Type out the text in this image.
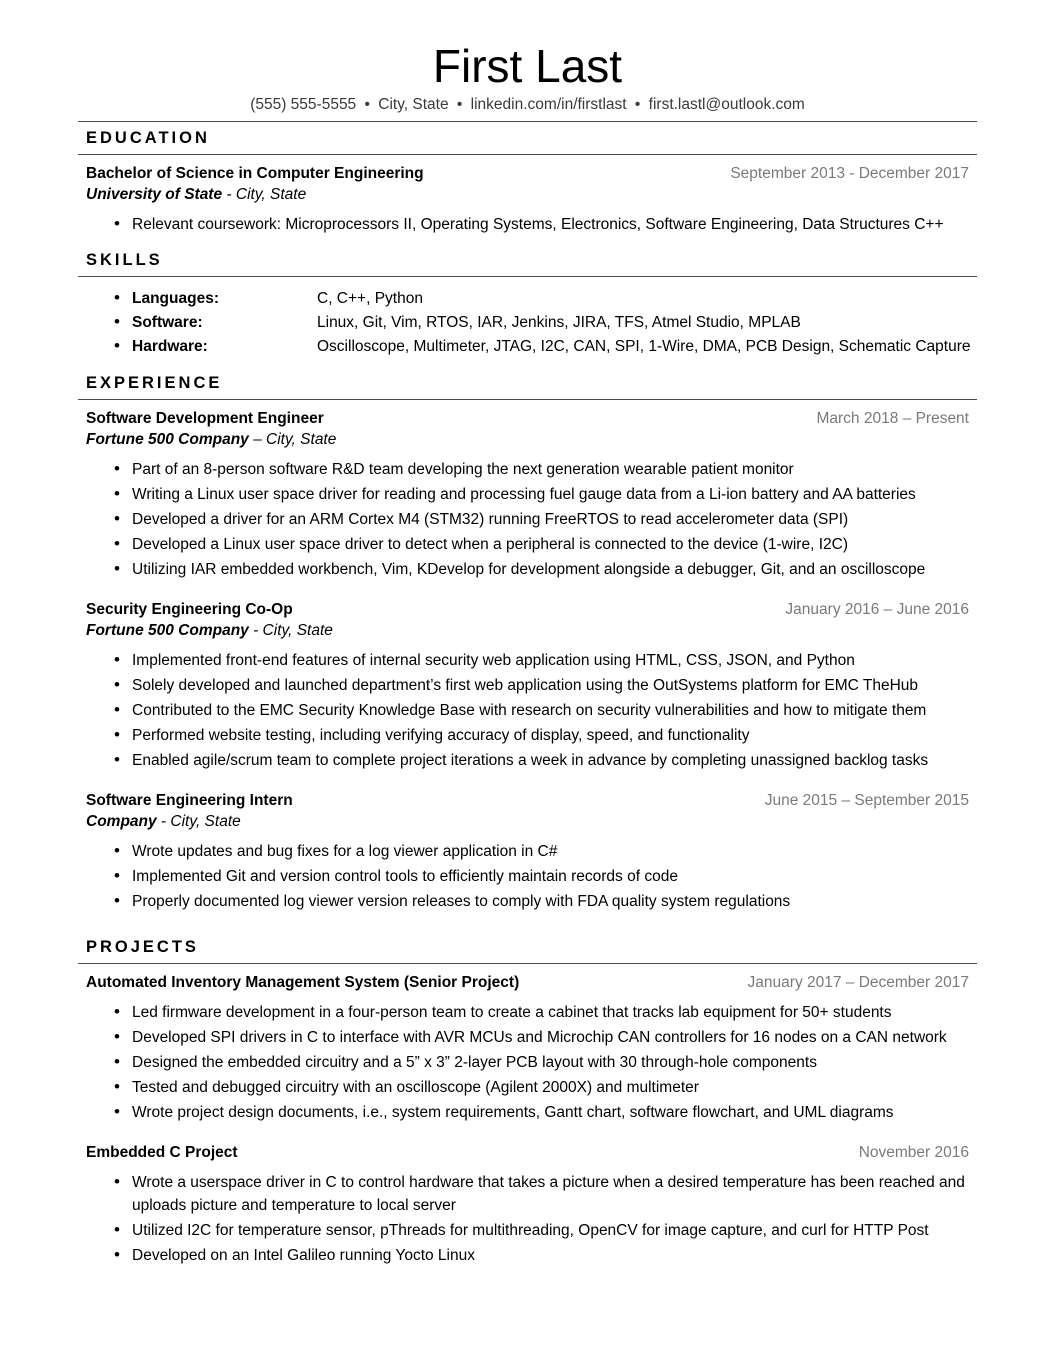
First Last
(555) 555-5555 • City, State • linkedin.com/in/firstlast • first.lastl@outlook.com
EDUCATION
Bachelor of Science in Computer Engineering	September 2013 - December 2017
University of State - City, State
• Relevant coursework: Microprocessors II, Operating Systems, Electronics, Software Engineering, Data Structures C++
SKILLS
• Languages:	C, C++, Python
• Software:	Linux, Git, Vim, RTOS, IAR, Jenkins, JIRA, TFS, Atmel Studio, MPLAB
• Hardware:	Oscilloscope, Multimeter, JTAG, I2C, CAN, SPI, 1-Wire, DMA, PCB Design, Schematic Capture
EXPERIENCE
Software Development Engineer	March 2018 – Present
Fortune 500 Company – City, State
• Part of an 8-person software R&D team developing the next generation wearable patient monitor
• Writing a Linux user space driver for reading and processing fuel gauge data from a Li-ion battery and AA batteries
• Developed a driver for an ARM Cortex M4 (STM32) running FreeRTOS to read accelerometer data (SPI)
• Developed a Linux user space driver to detect when a peripheral is connected to the device (1-wire, I2C)
• Utilizing IAR embedded workbench, Vim, KDevelop for development alongside a debugger, Git, and an oscilloscope
Security Engineering Co-Op	January 2016 – June 2016
Fortune 500 Company - City, State
• Implemented front-end features of internal security web application using HTML, CSS, JSON, and Python
• Solely developed and launched department’s first web application using the OutSystems platform for EMC TheHub
• Contributed to the EMC Security Knowledge Base with research on security vulnerabilities and how to mitigate them
• Performed website testing, including verifying accuracy of display, speed, and functionality
• Enabled agile/scrum team to complete project iterations a week in advance by completing unassigned backlog tasks
Software Engineering Intern	June 2015 – September 2015
Company - City, State
• Wrote updates and bug fixes for a log viewer application in C#
• Implemented Git and version control tools to efficiently maintain records of code
• Properly documented log viewer version releases to comply with FDA quality system regulations
PROJECTS
Automated Inventory Management System (Senior Project)	January 2017 – December 2017
• Led firmware development in a four-person team to create a cabinet that tracks lab equipment for 50+ students
• Developed SPI drivers in C to interface with AVR MCUs and Microchip CAN controllers for 16 nodes on a CAN network
• Designed the embedded circuitry and a 5” x 3” 2-layer PCB layout with 30 through-hole components
• Tested and debugged circuitry with an oscilloscope (Agilent 2000X) and multimeter
• Wrote project design documents, i.e., system requirements, Gantt chart, software flowchart, and UML diagrams
Embedded C Project	November 2016
• Wrote a userspace driver in C to control hardware that takes a picture when a desired temperature has been reached and uploads picture and temperature to local server
• Utilized I2C for temperature sensor, pThreads for multithreading, OpenCV for image capture, and curl for HTTP Post
• Developed on an Intel Galileo running Yocto Linux
